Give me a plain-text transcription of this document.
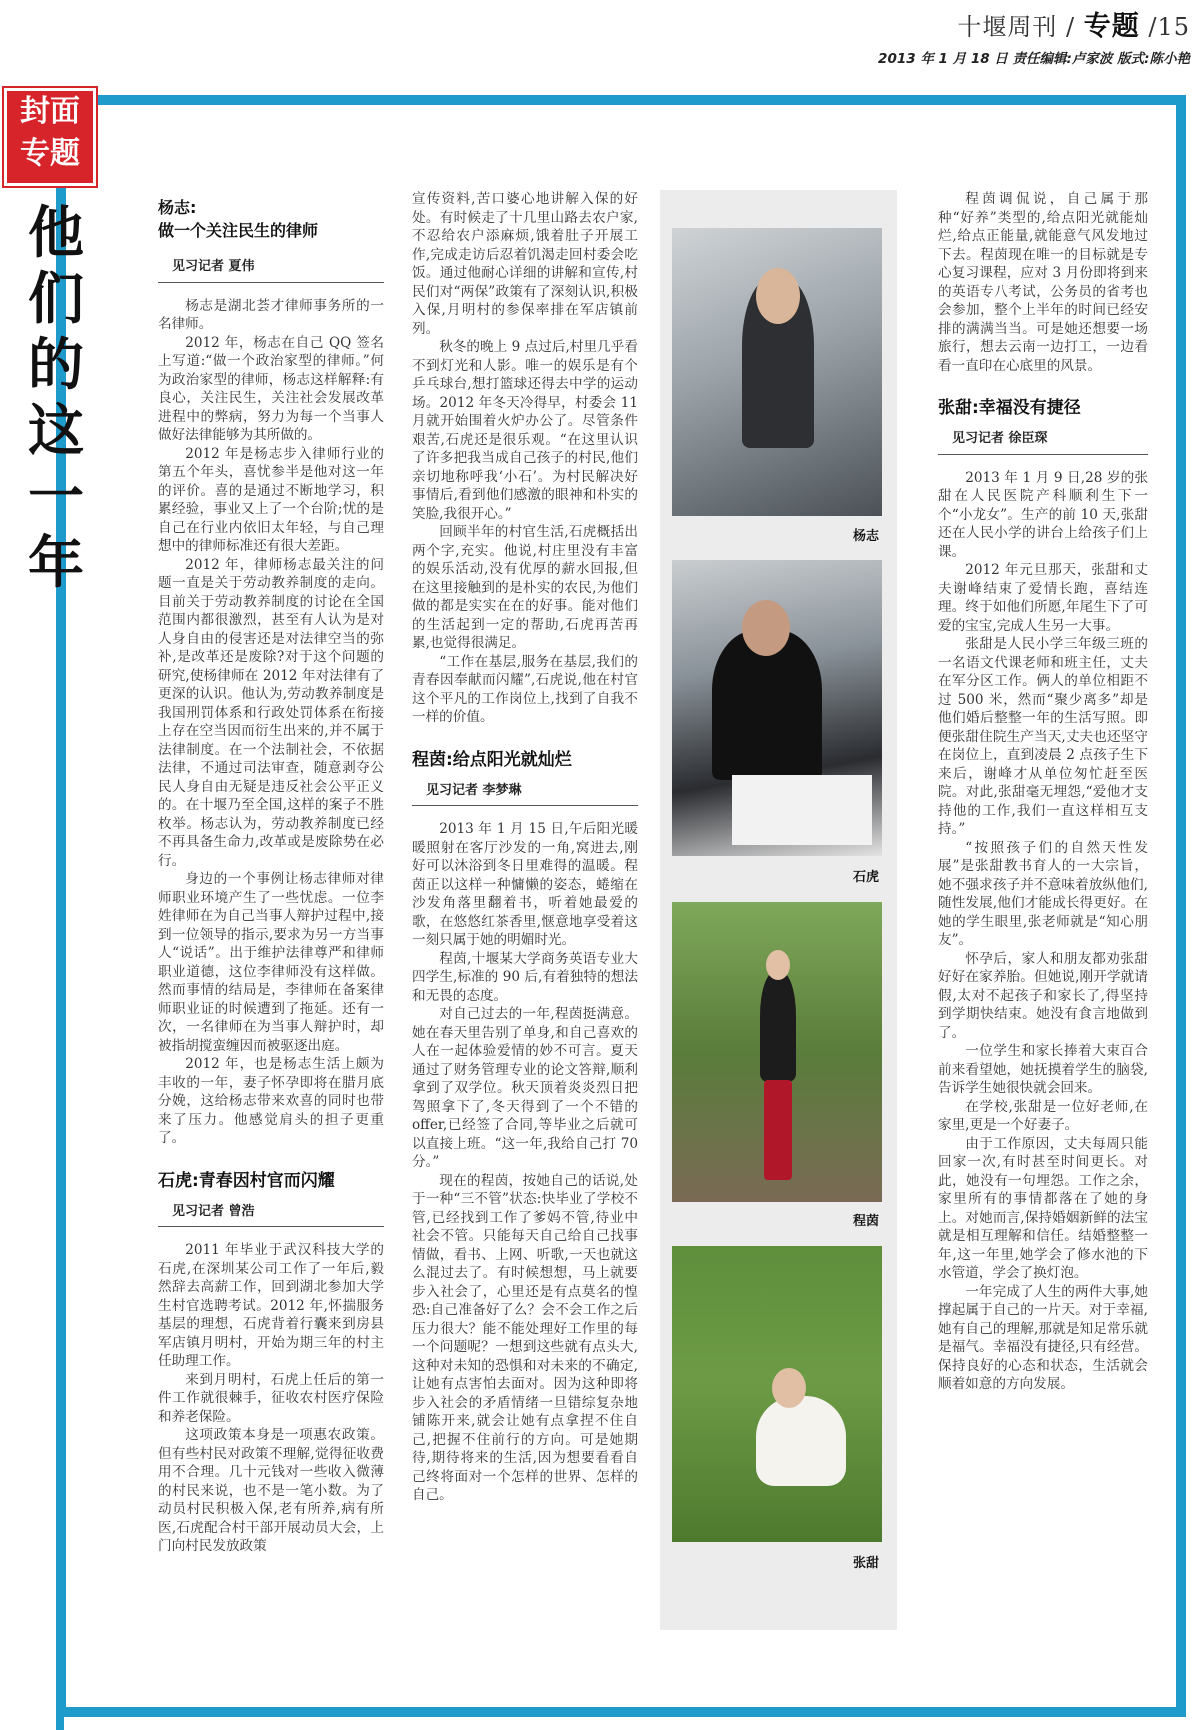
十堰周刊 / 专题 /15
2013 年 1 月 18 日 责任编辑:卢家波 版式:陈小艳
封面
专题
他
们
的
这
一
年
杨志:
做一个关注民生的律师
见习记者 夏伟

杨志是湖北荟才律师事务所的一名律师。

2012 年，杨志在自己 QQ 签名上写道:“做一个政治家型的律师。”何为政治家型的律师，杨志这样解释:有良心，关注民生，关注社会发展改革进程中的弊病，努力为每一个当事人做好法律能够为其所做的。

2012 年是杨志步入律师行业的第五个年头，喜忧参半是他对这一年的评价。喜的是通过不断地学习，积累经验，事业又上了一个台阶;忧的是自己在行业内依旧太年轻，与自己理想中的律师标准还有很大差距。

2012 年，律师杨志最关注的问题一直是关于劳动教养制度的走向。目前关于劳动教养制度的讨论在全国范围内都很激烈，甚至有人认为是对人身自由的侵害还是对法律空当的弥补,是改革还是废除?对于这个问题的研究,使杨律师在 2012 年对法律有了更深的认识。他认为,劳动教养制度是我国刑罚体系和行政处罚体系在衔接上存在空当因而衍生出来的,并不属于法律制度。在一个法制社会，不依据法律，不通过司法审查，随意剥夺公民人身自由无疑是违反社会公平正义的。在十堰乃至全国,这样的案子不胜枚举。杨志认为，劳动教养制度已经不再具备生命力,改革或是废除势在必行。

身边的一个事例让杨志律师对律师职业环境产生了一些忧虑。一位李姓律师在为自己当事人辩护过程中,接到一位领导的指示,要求为另一方当事人“说话”。出于维护法律尊严和律师职业道德，这位李律师没有这样做。然而事情的结局是，李律师在备案律师职业证的时候遭到了拖延。还有一次，一名律师在为当事人辩护时，却被指胡搅蛮缠因而被驱逐出庭。

2012 年，也是杨志生活上颇为丰收的一年，妻子怀孕即将在腊月底分娩，这给杨志带来欢喜的同时也带来了压力。他感觉肩头的担子更重了。

石虎:青春因村官而闪耀
见习记者 曾浩

2011 年毕业于武汉科技大学的石虎,在深圳某公司工作了一年后,毅然辞去高薪工作，回到湖北参加大学生村官选聘考试。2012 年,怀揣服务基层的理想，石虎背着行囊来到房县军店镇月明村，开始为期三年的村主任助理工作。

来到月明村，石虎上任后的第一件工作就很棘手，征收农村医疗保险和养老保险。

这项政策本身是一项惠农政策。但有些村民对政策不理解,觉得征收费用不合理。几十元钱对一些收入微薄的村民来说，也不是一笔小数。为了动员村民积极入保,老有所养,病有所医,石虎配合村干部开展动员大会，上门向村民发放政策

宣传资料,苦口婆心地讲解入保的好处。有时候走了十几里山路去农户家,不忍给农户添麻烦,饿着肚子开展工作,完成走访后忍着饥渴走回村委会吃饭。通过他耐心详细的讲解和宣传,村民们对“两保”政策有了深刻认识,积极入保,月明村的参保率排在军店镇前列。

秋冬的晚上 9 点过后,村里几乎看不到灯光和人影。唯一的娱乐是有个乒乓球台,想打篮球还得去中学的运动场。2012 年冬天冷得早，村委会 11 月就开始围着火炉办公了。尽管条件艰苦,石虎还是很乐观。“在这里认识了许多把我当成自己孩子的村民,他们亲切地称呼我‘小石’。为村民解决好事情后,看到他们感激的眼神和朴实的笑脸,我很开心。”

回顾半年的村官生活,石虎概括出两个字,充实。他说,村庄里没有丰富的娱乐活动,没有优厚的薪水回报,但在这里接触到的是朴实的农民,为他们做的都是实实在在的好事。能对他们的生活起到一定的帮助,石虎再苦再累,也觉得很满足。

“工作在基层,服务在基层,我们的青春因奉献而闪耀”,石虎说,他在村官这个平凡的工作岗位上,找到了自我不一样的价值。

程茵:给点阳光就灿烂
见习记者 李梦琳

2013 年 1 月 15 日,午后阳光暖暖照射在客厅沙发的一角,窝进去,刚好可以沐浴到冬日里难得的温暖。程茵正以这样一种慵懒的姿态，蜷缩在沙发角落里翻着书，听着她最爱的歌，在悠悠红茶香里,惬意地享受着这一刻只属于她的明媚时光。

程茵,十堰某大学商务英语专业大四学生,标准的 90 后,有着独特的想法和无畏的态度。

对自己过去的一年,程茵挺满意。她在春天里告别了单身,和自己喜欢的人在一起体验爱情的妙不可言。夏天通过了财务管理专业的论文答辩,顺利拿到了双学位。秋天顶着炎炎烈日把驾照拿下了,冬天得到了一个不错的 offer,已经签了合同,等毕业之后就可以直接上班。“这一年,我给自己打 70 分。”

现在的程茵，按她自己的话说,处于一种“三不管”状态:快毕业了学校不管,已经找到工作了爹妈不管,待业中社会不管。只能每天自己给自己找事情做，看书、上网、听歌,一天也就这么混过去了。有时候想想，马上就要步入社会了，心里还是有点莫名的惶恐:自己准备好了么？会不会工作之后压力很大？能不能处理好工作里的每一个问题呢？一想到这些就有点头大,这种对未知的恐惧和对未来的不确定,让她有点害怕去面对。因为这种即将步入社会的矛盾情绪一旦错综复杂地铺陈开来,就会让她有点拿捏不住自己,把握不住前行的方向。可是她期待,期待将来的生活,因为想要看看自己终将面对一个怎样的世界、怎样的自己。

杨志
石虎
程茵
张甜

程茵调侃说，自己属于那种“好养”类型的,给点阳光就能灿烂,给点正能量,就能意气风发地过下去。程茵现在唯一的目标就是专心复习课程，应对 3 月份即将到来的英语专八考试，公务员的省考也会参加，整个上半年的时间已经安排的满满当当。可是她还想要一场旅行，想去云南一边打工，一边看看一直印在心底里的风景。

张甜:幸福没有捷径
见习记者 徐臣琛

2013 年 1 月 9 日,28 岁的张甜在人民医院产科顺利生下一个“小龙女”。生产的前 10 天,张甜还在人民小学的讲台上给孩子们上课。

2012 年元旦那天，张甜和丈夫谢峰结束了爱情长跑，喜结连理。终于如他们所愿,年尾生下了可爱的宝宝,完成人生另一大事。

张甜是人民小学三年级三班的一名语文代课老师和班主任，丈夫在军分区工作。俩人的单位相距不过 500 米，然而“聚少离多”却是他们婚后整整一年的生活写照。即便张甜住院生产当天,丈夫也还坚守在岗位上，直到凌晨 2 点孩子生下来后，谢峰才从单位匆忙赶至医院。对此,张甜毫无埋怨,“爱他才支持他的工作,我们一直这样相互支持。”

“按照孩子们的自然天性发展”是张甜教书育人的一大宗旨，她不强求孩子并不意味着放纵他们,随性发展,他们才能成长得更好。在她的学生眼里,张老师就是“知心朋友”。

怀孕后，家人和朋友都劝张甜好好在家养胎。但她说,刚开学就请假,太对不起孩子和家长了,得坚持到学期快结束。她没有食言地做到了。

一位学生和家长捧着大束百合前来看望她，她抚摸着学生的脑袋,告诉学生她很快就会回来。

在学校,张甜是一位好老师,在家里,更是一个好妻子。

由于工作原因，丈夫每周只能回家一次,有时甚至时间更长。对此，她没有一句埋怨。工作之余，家里所有的事情都落在了她的身上。对她而言,保持婚姻新鲜的法宝就是相互理解和信任。结婚整整一年,这一年里,她学会了修水池的下水管道，学会了换灯泡。

一年完成了人生的两件大事,她撑起属于自己的一片天。对于幸福,她有自己的理解,那就是知足常乐就是福气。幸福没有捷径,只有经营。保持良好的心态和状态，生活就会顺着如意的方向发展。
